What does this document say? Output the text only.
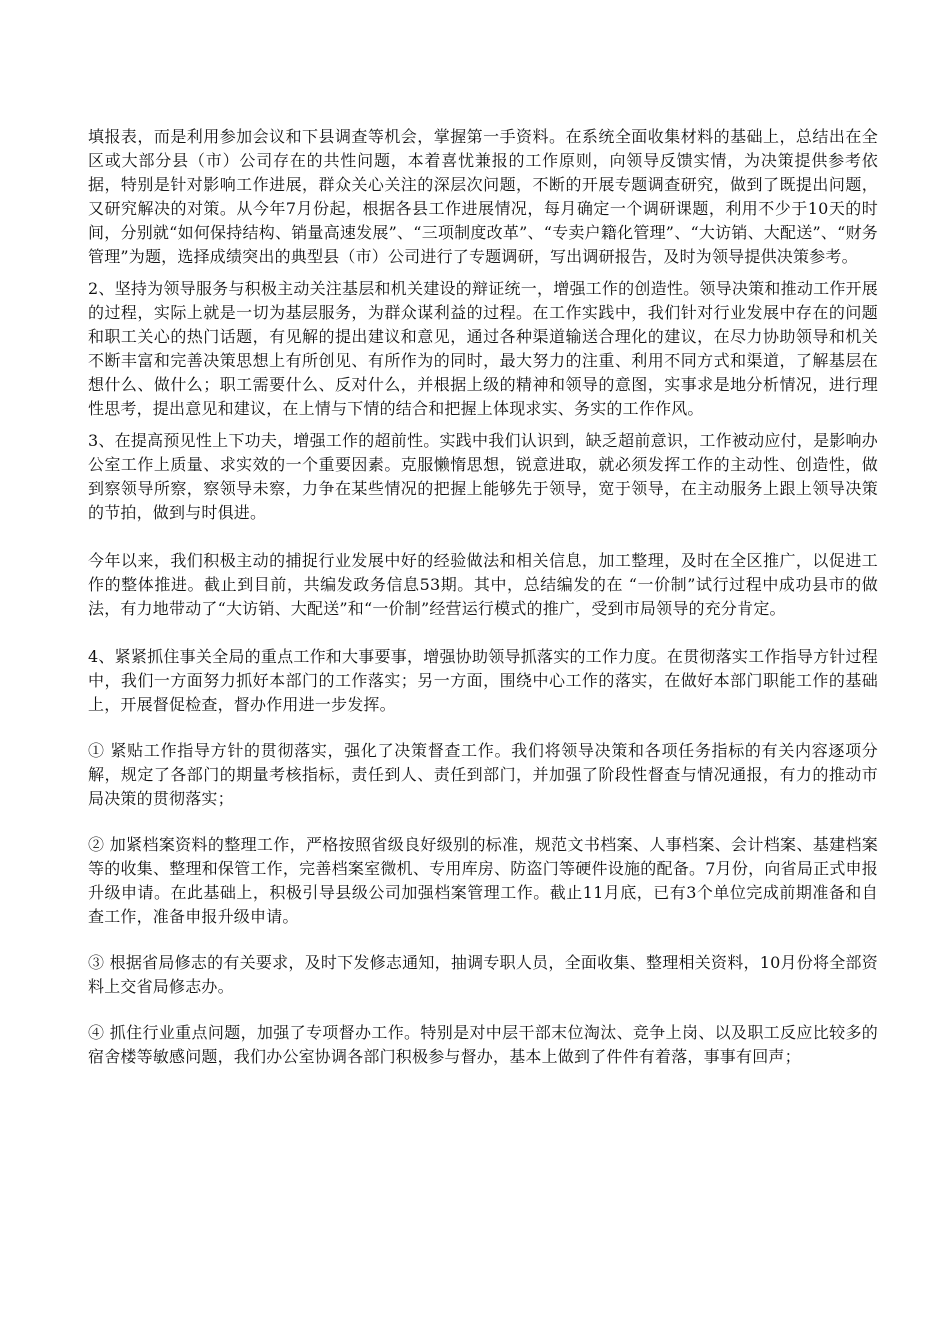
填报表，而是利用参加会议和下县调查等机会，掌握第一手资料。在系统全面收集材料的基础上，总结出在全区或大部分县（市）公司存在的共性问题，本着喜忧兼报的工作原则，向领导反馈实情，为决策提供参考依据，特别是针对影响工作进展，群众关心关注的深层次问题，不断的开展专题调查研究，做到了既提出问题，又研究解决的对策。从今年7月份起，根据各县工作进展情况，每月确定一个调研课题，利用不少于10天的时间，分别就“如何保持结构、销量高速发展”、“三项制度改革”、“专卖户籍化管理”、“大访销、大配送”、“财务管理”为题，选择成绩突出的典型县（市）公司进行了专题调研，写出调研报告，及时为领导提供决策参考。

2、坚持为领导服务与积极主动关注基层和机关建设的辩证统一，增强工作的创造性。领导决策和推动工作开展的过程，实际上就是一切为基层服务，为群众谋利益的过程。在工作实践中，我们针对行业发展中存在的问题和职工关心的热门话题，有见解的提出建议和意见，通过各种渠道输送合理化的建议，在尽力协助领导和机关不断丰富和完善决策思想上有所创见、有所作为的同时，最大努力的注重、利用不同方式和渠道，了解基层在想什么、做什么；职工需要什么、反对什么，并根据上级的精神和领导的意图，实事求是地分析情况，进行理性思考，提出意见和建议，在上情与下情的结合和把握上体现求实、务实的工作作风。

3、在提高预见性上下功夫，增强工作的超前性。实践中我们认识到，缺乏超前意识，工作被动应付，是影响办公室工作上质量、求实效的一个重要因素。克服懒惰思想，锐意进取，就必须发挥工作的主动性、创造性，做到察领导所察，察领导未察，力争在某些情况的把握上能够先于领导，宽于领导，在主动服务上跟上领导决策的节拍，做到与时俱进。

今年以来，我们积极主动的捕捉行业发展中好的经验做法和相关信息，加工整理，及时在全区推广，以促进工作的整体推进。截止到目前，共编发政务信息53期。其中，总结编发的在 “一价制”试行过程中成功县市的做法，有力地带动了“大访销、大配送”和“一价制”经营运行模式的推广，受到市局领导的充分肯定。

4、紧紧抓住事关全局的重点工作和大事要事，增强协助领导抓落实的工作力度。在贯彻落实工作指导方针过程中，我们一方面努力抓好本部门的工作落实；另一方面，围绕中心工作的落实，在做好本部门职能工作的基础上，开展督促检查，督办作用进一步发挥。

① 紧贴工作指导方针的贯彻落实，强化了决策督查工作。我们将领导决策和各项任务指标的有关内容逐项分解，规定了各部门的期量考核指标，责任到人、责任到部门，并加强了阶段性督查与情况通报，有力的推动市局决策的贯彻落实；

② 加紧档案资料的整理工作，严格按照省级良好级别的标准，规范文书档案、人事档案、会计档案、基建档案等的收集、整理和保管工作，完善档案室微机、专用库房、防盗门等硬件设施的配备。7月份，向省局正式申报升级申请。在此基础上，积极引导县级公司加强档案管理工作。截止11月底，已有3个单位完成前期准备和自查工作，准备申报升级申请。

③ 根据省局修志的有关要求，及时下发修志通知，抽调专职人员，全面收集、整理相关资料，10月份将全部资料上交省局修志办。

④ 抓住行业重点问题，加强了专项督办工作。特别是对中层干部末位淘汰、竞争上岗、以及职工反应比较多的宿舍楼等敏感问题，我们办公室协调各部门积极参与督办，基本上做到了件件有着落，事事有回声；
